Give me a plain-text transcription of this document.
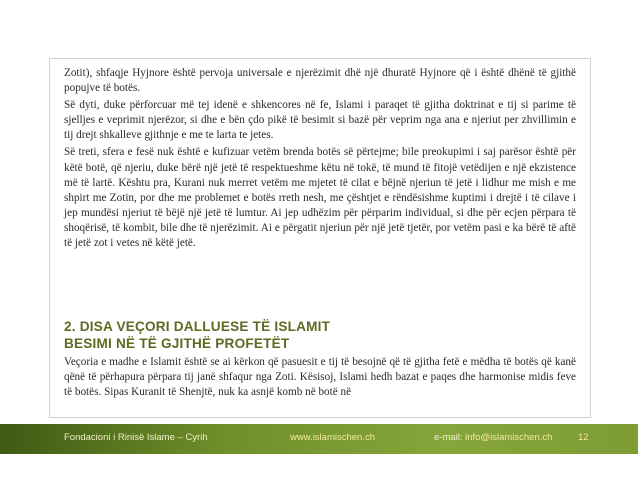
Zotit), shfaqje Hyjnore është pervoja universale e njerëzimit dhë një dhuratë Hyjnore që i është dhënë të gjithë popujve të botës.

Së dyti, duke përforcuar më tej idenë e shkencores në fe, Islami i paraqet të gjitha doktrinat e tij si parime të sjelljes e veprimit njerëzor, si dhe e bën çdo pikë të besimit si bazë për veprim nga ana e njeriut per zhvillimin e tij drejt shkalleve gjithnje e me te larta te jetes.

Së treti, sfera e fesë nuk është e kufizuar vetëm brenda botës së përtejme; bile preokupimi i saj parësor është për këtë botë, që njeriu, duke bërë një jetë të respektueshme këtu në tokë, të mund të fitojë vetëdijen e një ekzistence më të lartë. Kështu pra, Kurani nuk merret vetëm me mjetet të cilat e bëjnë njeriun të jetë i lidhur me mish e me shpirt me Zotin, por dhe me problemet e botës rreth nesh, me çështjet e rëndësishme kuptimi i drejtë i të cilave i jep mundësi njeriut të bëjë një jetë të lumtur. Ai jep udhëzim për përparim individual, si dhe për ecjen përpara të shoqërisë, të kombit, bile dhe të njerëzimit. Ai e përgatit njeriun për një jetë tjetër, por vetëm pasi e ka bërë të aftë të jetë zot i vetes në këtë jetë.

2. DISA VEÇORI DALLUESE TË ISLAMIT
BESIMI NË TË GJITHË PROFETËT

Veçoria e madhe e Islamit është se ai kërkon që pasuesit e tij të besojnë që të gjitha fetë e mëdha të botës që kanë qënë të përhapura përpara tij janë shfaqur nga Zoti. Kësisoj, Islami hedh bazat e paqes dhe harmonise midis feve të botës. Sipas Kuranit të Shenjtë, nuk ka asnjë komb në botë në

Fondacioni i Rinisë Islame – Cyrih	www.islamischen.ch	e-mail: info@islamischen.ch	12
